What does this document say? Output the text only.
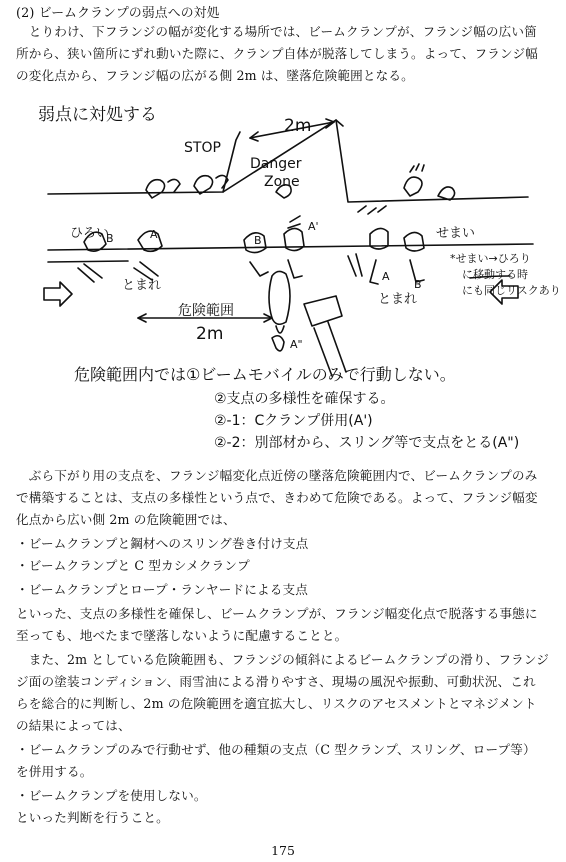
(2) ビームクランプの弱点への対処
　とりわけ、下フランジの幅が変化する場所では、ビームクランプが、フランジ幅の広い箇
所から、狭い箇所にずれ動いた際に、クランプ自体が脱落してしまう。よって、フランジ幅
の変化点から、フランジ幅の広がる側 2m は、墜落危険範囲となる。
弱点に対処する
2m
STOP
Danger
Zone
ひろい	せまい
B	A	B
A'
A
B
A"
とまれ
とまれ
危険範囲
2m
*せまい→ひろり
に移動する時
にも同じリスクあり
危険範囲内では①ビームモバイルのみで行動しない。
②支点の多様性を確保する。
②-1：Cクランプ併用(A')
②-2：別部材から、スリング等で支点をとる(A")
　ぶら下がり用の支点を、フランジ幅変化点近傍の墜落危険範囲内で、ビームクランプのみ
で構築することは、支点の多様性という点で、きわめて危険である。よって、フランジ幅変
化点から広い側 2m の危険範囲では、
・ビームクランプと鋼材へのスリング巻き付け支点
・ビームクランプと C 型カシメクランプ
・ビームクランプとロープ・ランヤードによる支点
といった、支点の多様性を確保し、ビームクランプが、フランジ幅変化点で脱落する事態に
至っても、地べたまで墜落しないように配慮することと。
　また、2m としている危険範囲も、フランジの傾斜によるビームクランプの滑り、フランジ
ジ面の塗装コンディション、雨雪油による滑りやすさ、現場の風況や振動、可動状況、これ
らを総合的に判断し、2m の危険範囲を適宜拡大し、リスクのアセスメントとマネジメント
の結果によっては、
・ビームクランプのみで行動せず、他の種類の支点（C 型クランプ、スリング、ロープ等）
を併用する。
・ビームクランプを使用しない。
といった判断を行うこと。
175
